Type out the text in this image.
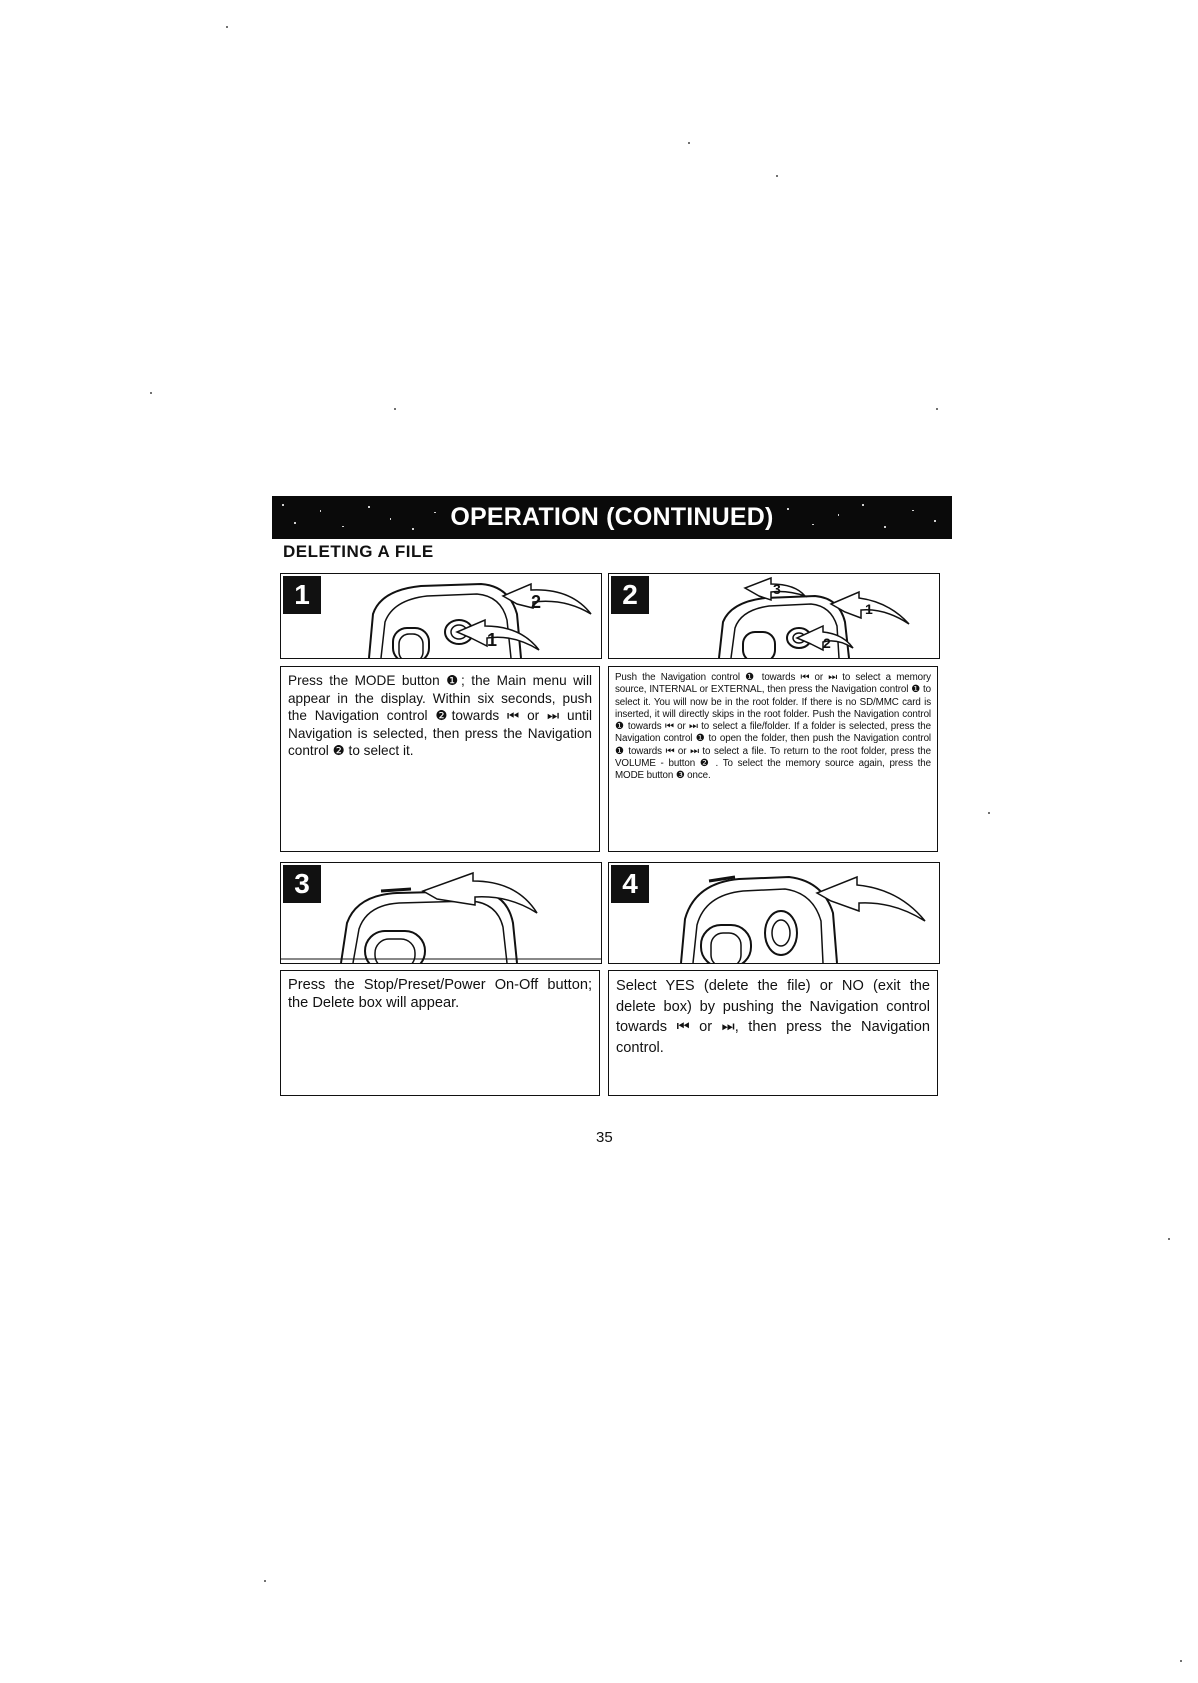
OPERATION (CONTINUED)
DELETING A FILE
1	2
1
2	3
1
2

Press the MODE button ❶; the Main menu will appear in the display. Within six seconds, push the Navigation control ❷towards ⏮ or ⏭ until Navigation is selected, then press the Navigation control ❷ to select it.

Push the Navigation control ❶ towards ⏮ or ⏭ to select a memory source, INTERNAL or EXTERNAL, then press the Navigation control ❶ to select it. You will now be in the root folder. If there is no SD/MMC card is inserted, it will directly skips in the root folder. Push the Navigation control ❶ towards ⏮ or ⏭ to select a file/folder. If a folder is selected, press the Navigation control ❶ to open the folder, then push the Navigation control ❶ towards ⏮ or ⏭ to select a file. To return to the root folder, press the VOLUME - button ❷ . To select the memory source again, press the MODE button ❸ once.

3	4

Press the Stop/Preset/Power On-Off button; the Delete box will appear.

Select YES (delete the file) or NO (exit the delete box) by pushing the Navigation control towards ⏮ or ⏭, then press the Navigation control.

35
